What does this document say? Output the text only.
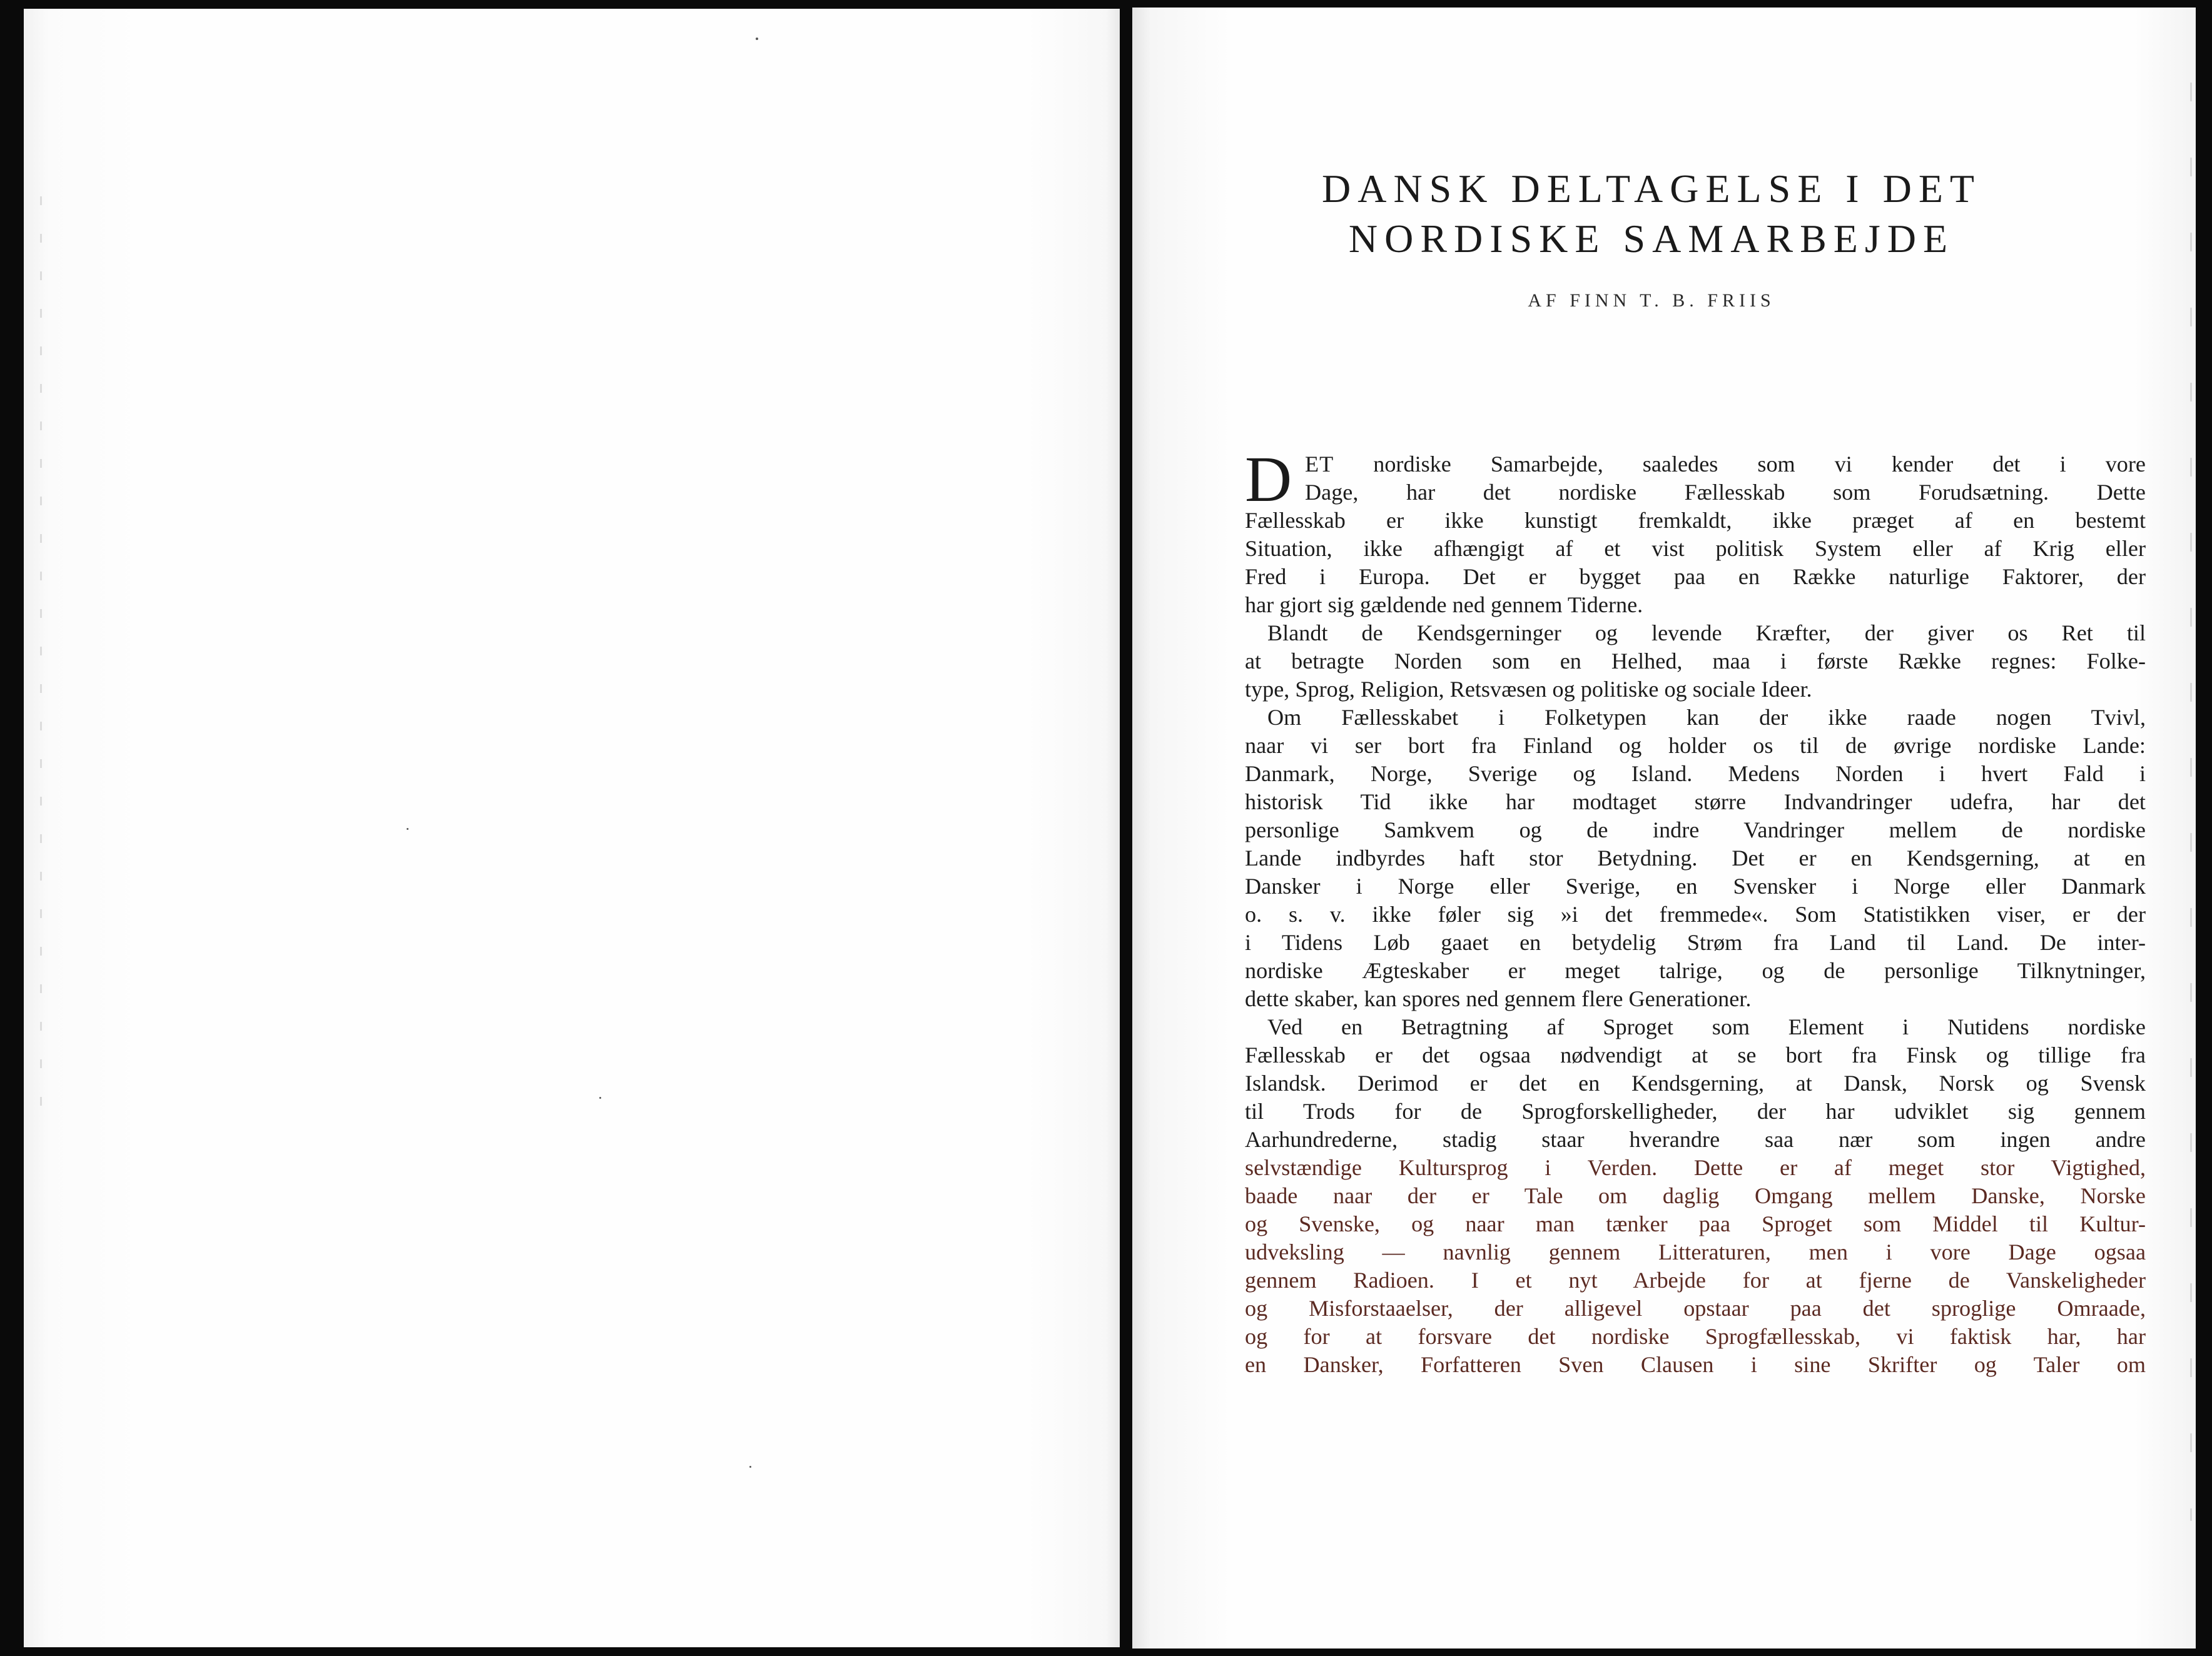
DANSK DELTAGELSE I DET
NORDISKE SAMARBEJDE

AF FINN T. B. FRIIS

D ET nordiske Samarbejde, saaledes som vi kender det i vore
Dage, har det nordiske Fællesskab som Forudsætning. Dette
Fællesskab er ikke kunstigt fremkaldt, ikke præget af en bestemt
Situation, ikke afhængigt af et vist politisk System eller af Krig eller
Fred i Europa. Det er bygget paa en Række naturlige Faktorer, der
har gjort sig gældende ned gennem Tiderne.
Blandt de Kendsgerninger og levende Kræfter, der giver os Ret til
at betragte Norden som en Helhed, maa i første Række regnes: Folke-
type, Sprog, Religion, Retsvæsen og politiske og sociale Ideer.
Om Fællesskabet i Folketypen kan der ikke raade nogen Tvivl,
naar vi ser bort fra Finland og holder os til de øvrige nordiske Lande:
Danmark, Norge, Sverige og Island. Medens Norden i hvert Fald i
historisk Tid ikke har modtaget større Indvandringer udefra, har det
personlige Samkvem og de indre Vandringer mellem de nordiske
Lande indbyrdes haft stor Betydning. Det er en Kendsgerning, at en
Dansker i Norge eller Sverige, en Svensker i Norge eller Danmark
o. s. v. ikke føler sig »i det fremmede«. Som Statistikken viser, er der
i Tidens Løb gaaet en betydelig Strøm fra Land til Land. De inter-
nordiske Ægteskaber er meget talrige, og de personlige Tilknytninger,
dette skaber, kan spores ned gennem flere Generationer.
Ved en Betragtning af Sproget som Element i Nutidens nordiske
Fællesskab er det ogsaa nødvendigt at se bort fra Finsk og tillige fra
Islandsk. Derimod er det en Kendsgerning, at Dansk, Norsk og Svensk
til Trods for de Sprogforskelligheder, der har udviklet sig gennem
Aarhundrederne, stadig staar hverandre saa nær som ingen andre
selvstændige Kultursprog i Verden. Dette er af meget stor Vigtighed,
baade naar der er Tale om daglig Omgang mellem Danske, Norske
og Svenske, og naar man tænker paa Sproget som Middel til Kultur-
udveksling — navnlig gennem Litteraturen, men i vore Dage ogsaa
gennem Radioen. I et nyt Arbejde for at fjerne de Vanskeligheder
og Misforstaaelser, der alligevel opstaar paa det sproglige Omraade,
og for at forsvare det nordiske Sprogfællesskab, vi faktisk har, har
en Dansker, Forfatteren Sven Clausen i sine Skrifter og Taler om
